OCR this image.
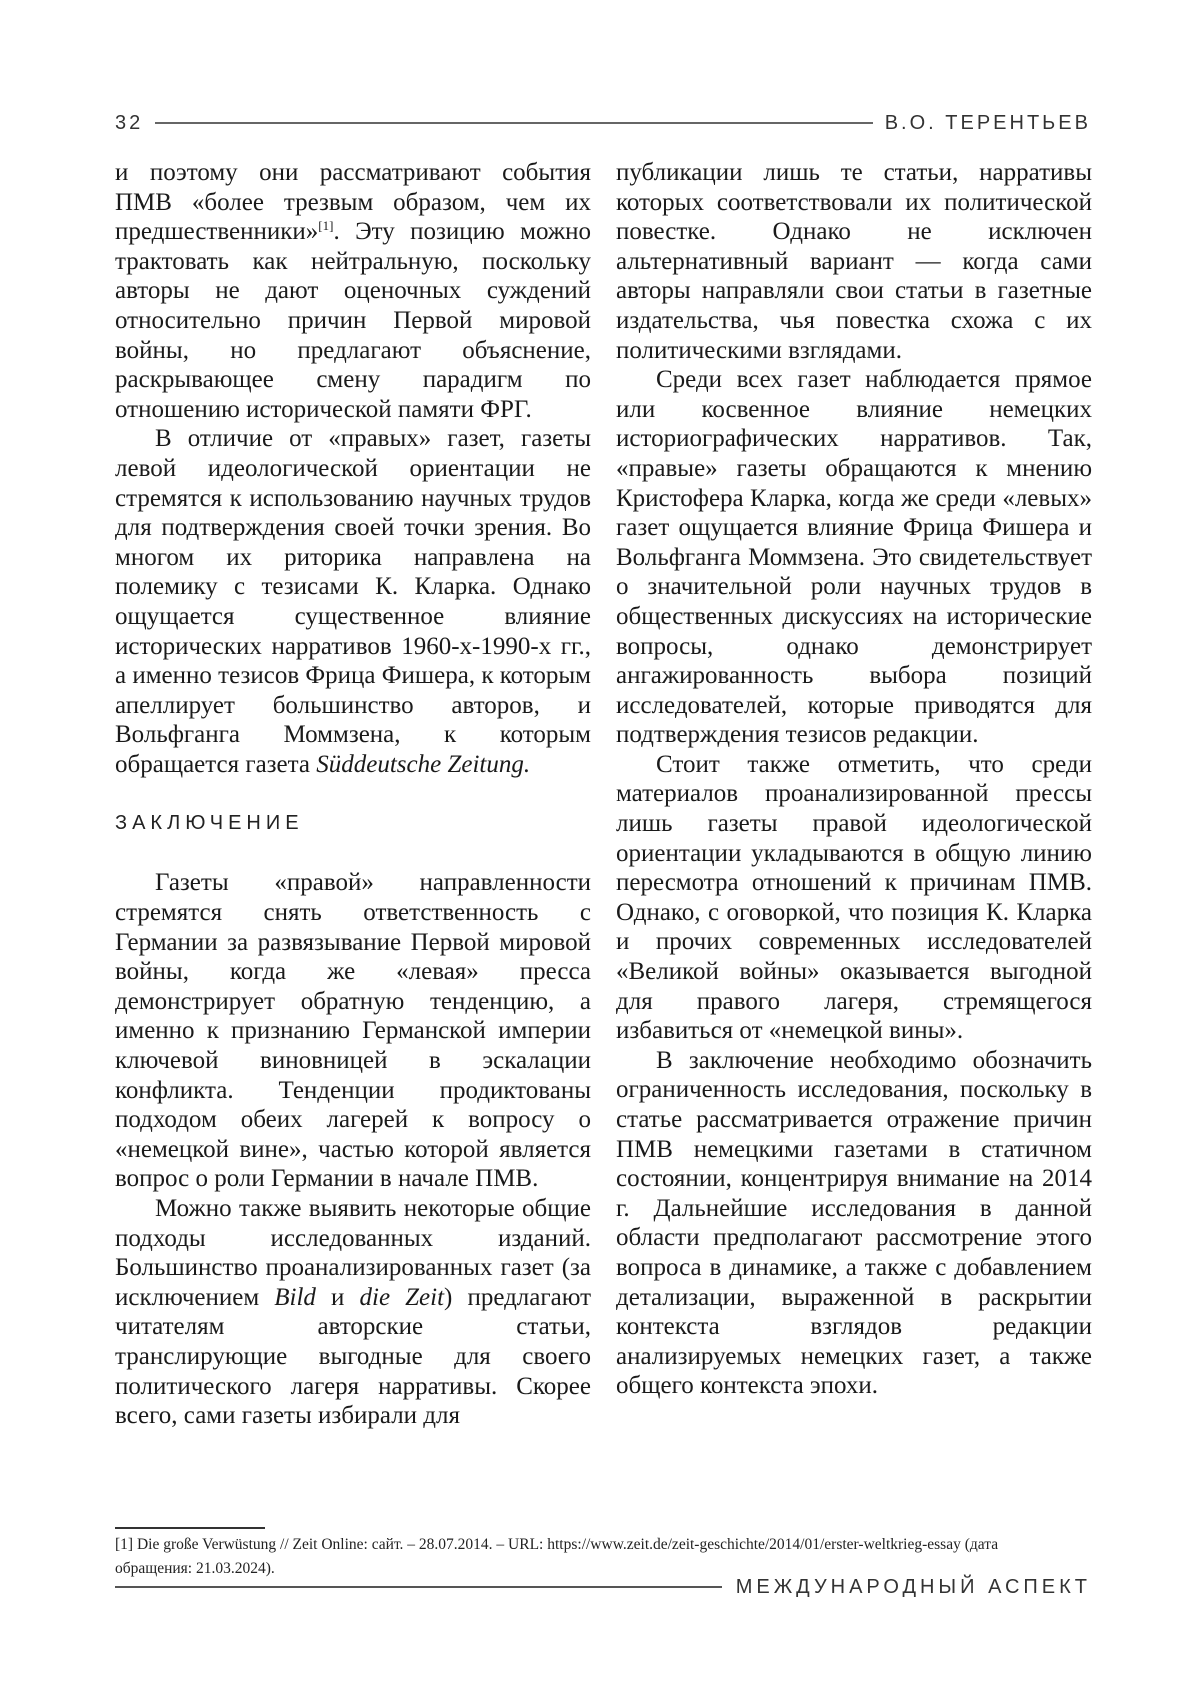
32	В.О. ТЕРЕНТЬЕВ

и поэтому они рассматривают события ПМВ «более трезвым образом, чем их предшественники»[1]. Эту позицию можно трактовать как нейтральную, поскольку авторы не дают оценочных суждений относительно причин Первой мировой войны, но предлагают объяснение, раскрывающее смену парадигм по отношению исторической памяти ФРГ.

В отличие от «правых» газет, газеты левой идеологической ориентации не стремятся к использованию научных трудов для подтверждения своей точки зрения. Во многом их риторика направлена на полемику с тезисами К. Кларка. Однако ощущается существенное влияние исторических нарративов 1960-х-1990-х гг., а именно тезисов Фрица Фишера, к которым апеллирует большинство авторов, и Вольфганга Моммзена, к которым обращается газета Süddeutsche Zeitung.

ЗАКЛЮЧЕНИЕ

Газеты «правой» направленности стремятся снять ответственность с Германии за развязывание Первой мировой войны, когда же «левая» пресса демонстрирует обратную тенденцию, а именно к признанию Германской империи ключевой виновницей в эскалации конфликта. Тенденции продиктованы подходом обеих лагерей к вопросу о «немецкой вине», частью которой является вопрос о роли Германии в начале ПМВ.

Можно также выявить некоторые общие подходы исследованных изданий. Большинство проанализированных газет (за исключением Bild и die Zeit) предлагают читателям авторские статьи, транслирующие выгодные для своего политического лагеря нарративы. Скорее всего, сами газеты избирали для

публикации лишь те статьи, нарративы которых соответствовали их политической повестке. Однако не исключен альтернативный вариант — когда сами авторы направляли свои статьи в газетные издательства, чья повестка схожа с их политическими взглядами.

Среди всех газет наблюдается прямое или косвенное влияние немецких историографических нарративов. Так, «правые» газеты обращаются к мнению Кристофера Кларка, когда же среди «левых» газет ощущается влияние Фрица Фишера и Вольфганга Моммзена. Это свидетельствует о значительной роли научных трудов в общественных дискуссиях на исторические вопросы, однако демонстрирует ангажированность выбора позиций исследователей, которые приводятся для подтверждения тезисов редакции.

Стоит также отметить, что среди материалов проанализированной прессы лишь газеты правой идеологической ориентации укладываются в общую линию пересмотра отношений к причинам ПМВ. Однако, с оговоркой, что позиция К. Кларка и прочих современных исследователей «Великой войны» оказывается выгодной для правого лагеря, стремящегося избавиться от «немецкой вины».

В заключение необходимо обозначить ограниченность исследования, поскольку в статье рассматривается отражение причин ПМВ немецкими газетами в статичном состоянии, концентрируя внимание на 2014 г. Дальнейшие исследования в данной области предполагают рассмотрение этого вопроса в динамике, а также с добавлением детализации, выраженной в раскрытии контекста взглядов редакции анализируемых немецких газет, а также общего контекста эпохи.

[1] Die große Verwüstung // Zeit Online: сайт. – 28.07.2014. – URL: https://www.zeit.de/zeit-geschichte/2014/01/erster-weltkrieg-essay (дата обращения: 21.03.2024).
МЕЖДУНАРОДНЫЙ АСПЕКТ
